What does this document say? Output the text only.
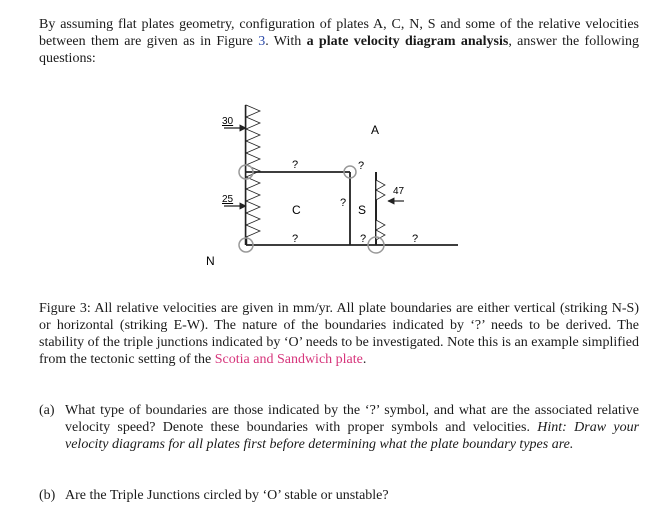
By assuming flat plates geometry, configuration of plates A, C, N, S and some of the relative velocities between them are given as in Figure 3. With a plate velocity diagram analysis, answer the following questions:
30
25
47
?	?
?
?	?	?
A
C	S
N
Figure 3: All relative velocities are given in mm/yr. All plate boundaries are either vertical (striking N-S) or horizontal (striking E-W). The nature of the boundaries indicated by ‘?’ needs to be derived. The stability of the triple junctions indicated by ‘O’ needs to be investigated. Note this is an example simplified from the tectonic setting of the Scotia and Sandwich plate.
(a) What type of boundaries are those indicated by the ‘?’ symbol, and what are the associated relative velocity speed? Denote these boundaries with proper symbols and velocities. Hint: Draw your velocity diagrams for all plates first before determining what the plate boundary types are.
(b) Are the Triple Junctions circled by ‘O’ stable or unstable?
